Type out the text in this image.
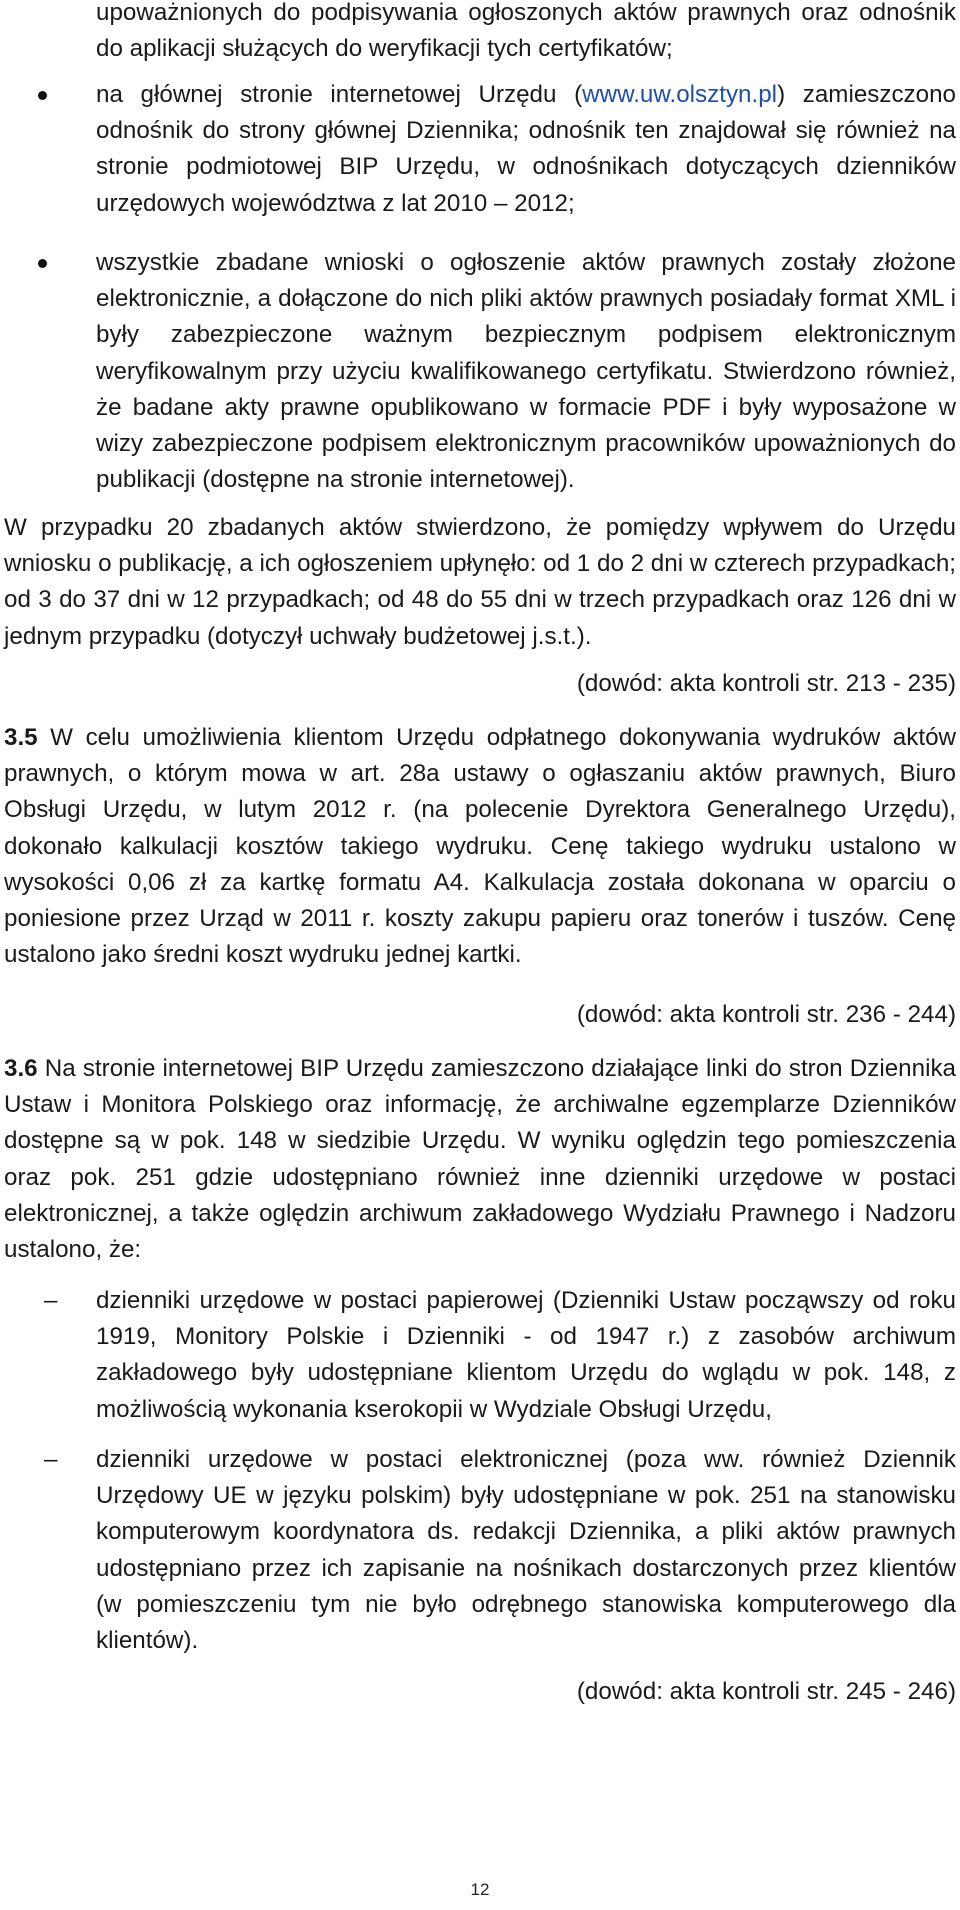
upoważnionych do podpisywania ogłoszonych aktów prawnych oraz odnośnik do aplikacji służących do weryfikacji tych certyfikatów;
na głównej stronie internetowej Urzędu (www.uw.olsztyn.pl) zamieszczono odnośnik do strony głównej Dziennika; odnośnik ten znajdował się również na stronie podmiotowej BIP Urzędu, w odnośnikach dotyczących dzienników urzędowych województwa z lat 2010 – 2012;
wszystkie zbadane wnioski o ogłoszenie aktów prawnych zostały złożone elektronicznie, a dołączone do nich pliki aktów prawnych posiadały format XML i były zabezpieczone ważnym bezpiecznym podpisem elektronicznym weryfikowalnym przy użyciu kwalifikowanego certyfikatu. Stwierdzono również, że badane akty prawne opublikowano w formacie PDF i były wyposażone w wizy zabezpieczone podpisem elektronicznym pracowników upoważnionych do publikacji (dostępne na stronie internetowej).
W przypadku 20 zbadanych aktów stwierdzono, że pomiędzy wpływem do Urzędu wniosku o publikację, a ich ogłoszeniem upłynęło: od 1 do 2 dni w czterech przypadkach; od 3 do 37 dni w 12 przypadkach; od 48 do 55 dni w trzech przypadkach oraz 126 dni w jednym przypadku (dotyczył uchwały budżetowej j.s.t.).
(dowód: akta kontroli str. 213 - 235)
3.5 W celu umożliwienia klientom Urzędu odpłatnego dokonywania wydruków aktów prawnych, o którym mowa w art. 28a ustawy o ogłaszaniu aktów prawnych, Biuro Obsługi Urzędu, w lutym 2012 r. (na polecenie Dyrektora Generalnego Urzędu), dokonało kalkulacji kosztów takiego wydruku. Cenę takiego wydruku ustalono w wysokości 0,06 zł za kartkę formatu A4. Kalkulacja została dokonana w oparciu o poniesione przez Urząd w 2011 r. koszty zakupu papieru oraz tonerów i tuszów. Cenę ustalono jako średni koszt wydruku jednej kartki.
(dowód: akta kontroli str. 236 - 244)
3.6 Na stronie internetowej BIP Urzędu zamieszczono działające linki do stron Dziennika Ustaw i Monitora Polskiego oraz informację, że archiwalne egzemplarze Dzienników dostępne są w pok. 148 w siedzibie Urzędu. W wyniku oględzin tego pomieszczenia oraz pok. 251 gdzie udostępniano również inne dzienniki urzędowe w postaci elektronicznej, a także oględzin archiwum zakładowego Wydziału Prawnego i Nadzoru ustalono, że:
– dzienniki urzędowe w postaci papierowej (Dzienniki Ustaw począwszy od roku 1919, Monitory Polskie i Dzienniki - od 1947 r.) z zasobów archiwum zakładowego były udostępniane klientom Urzędu do wglądu w pok. 148, z możliwością wykonania kserokopii w Wydziale Obsługi Urzędu,
– dzienniki urzędowe w postaci elektronicznej (poza ww. również Dziennik Urzędowy UE w języku polskim) były udostępniane w pok. 251 na stanowisku komputerowym koordynatora ds. redakcji Dziennika, a pliki aktów prawnych udostępniano przez ich zapisanie na nośnikach dostarczonych przez klientów (w pomieszczeniu tym nie było odrębnego stanowiska komputerowego dla klientów).
(dowód: akta kontroli str. 245 - 246)
12
